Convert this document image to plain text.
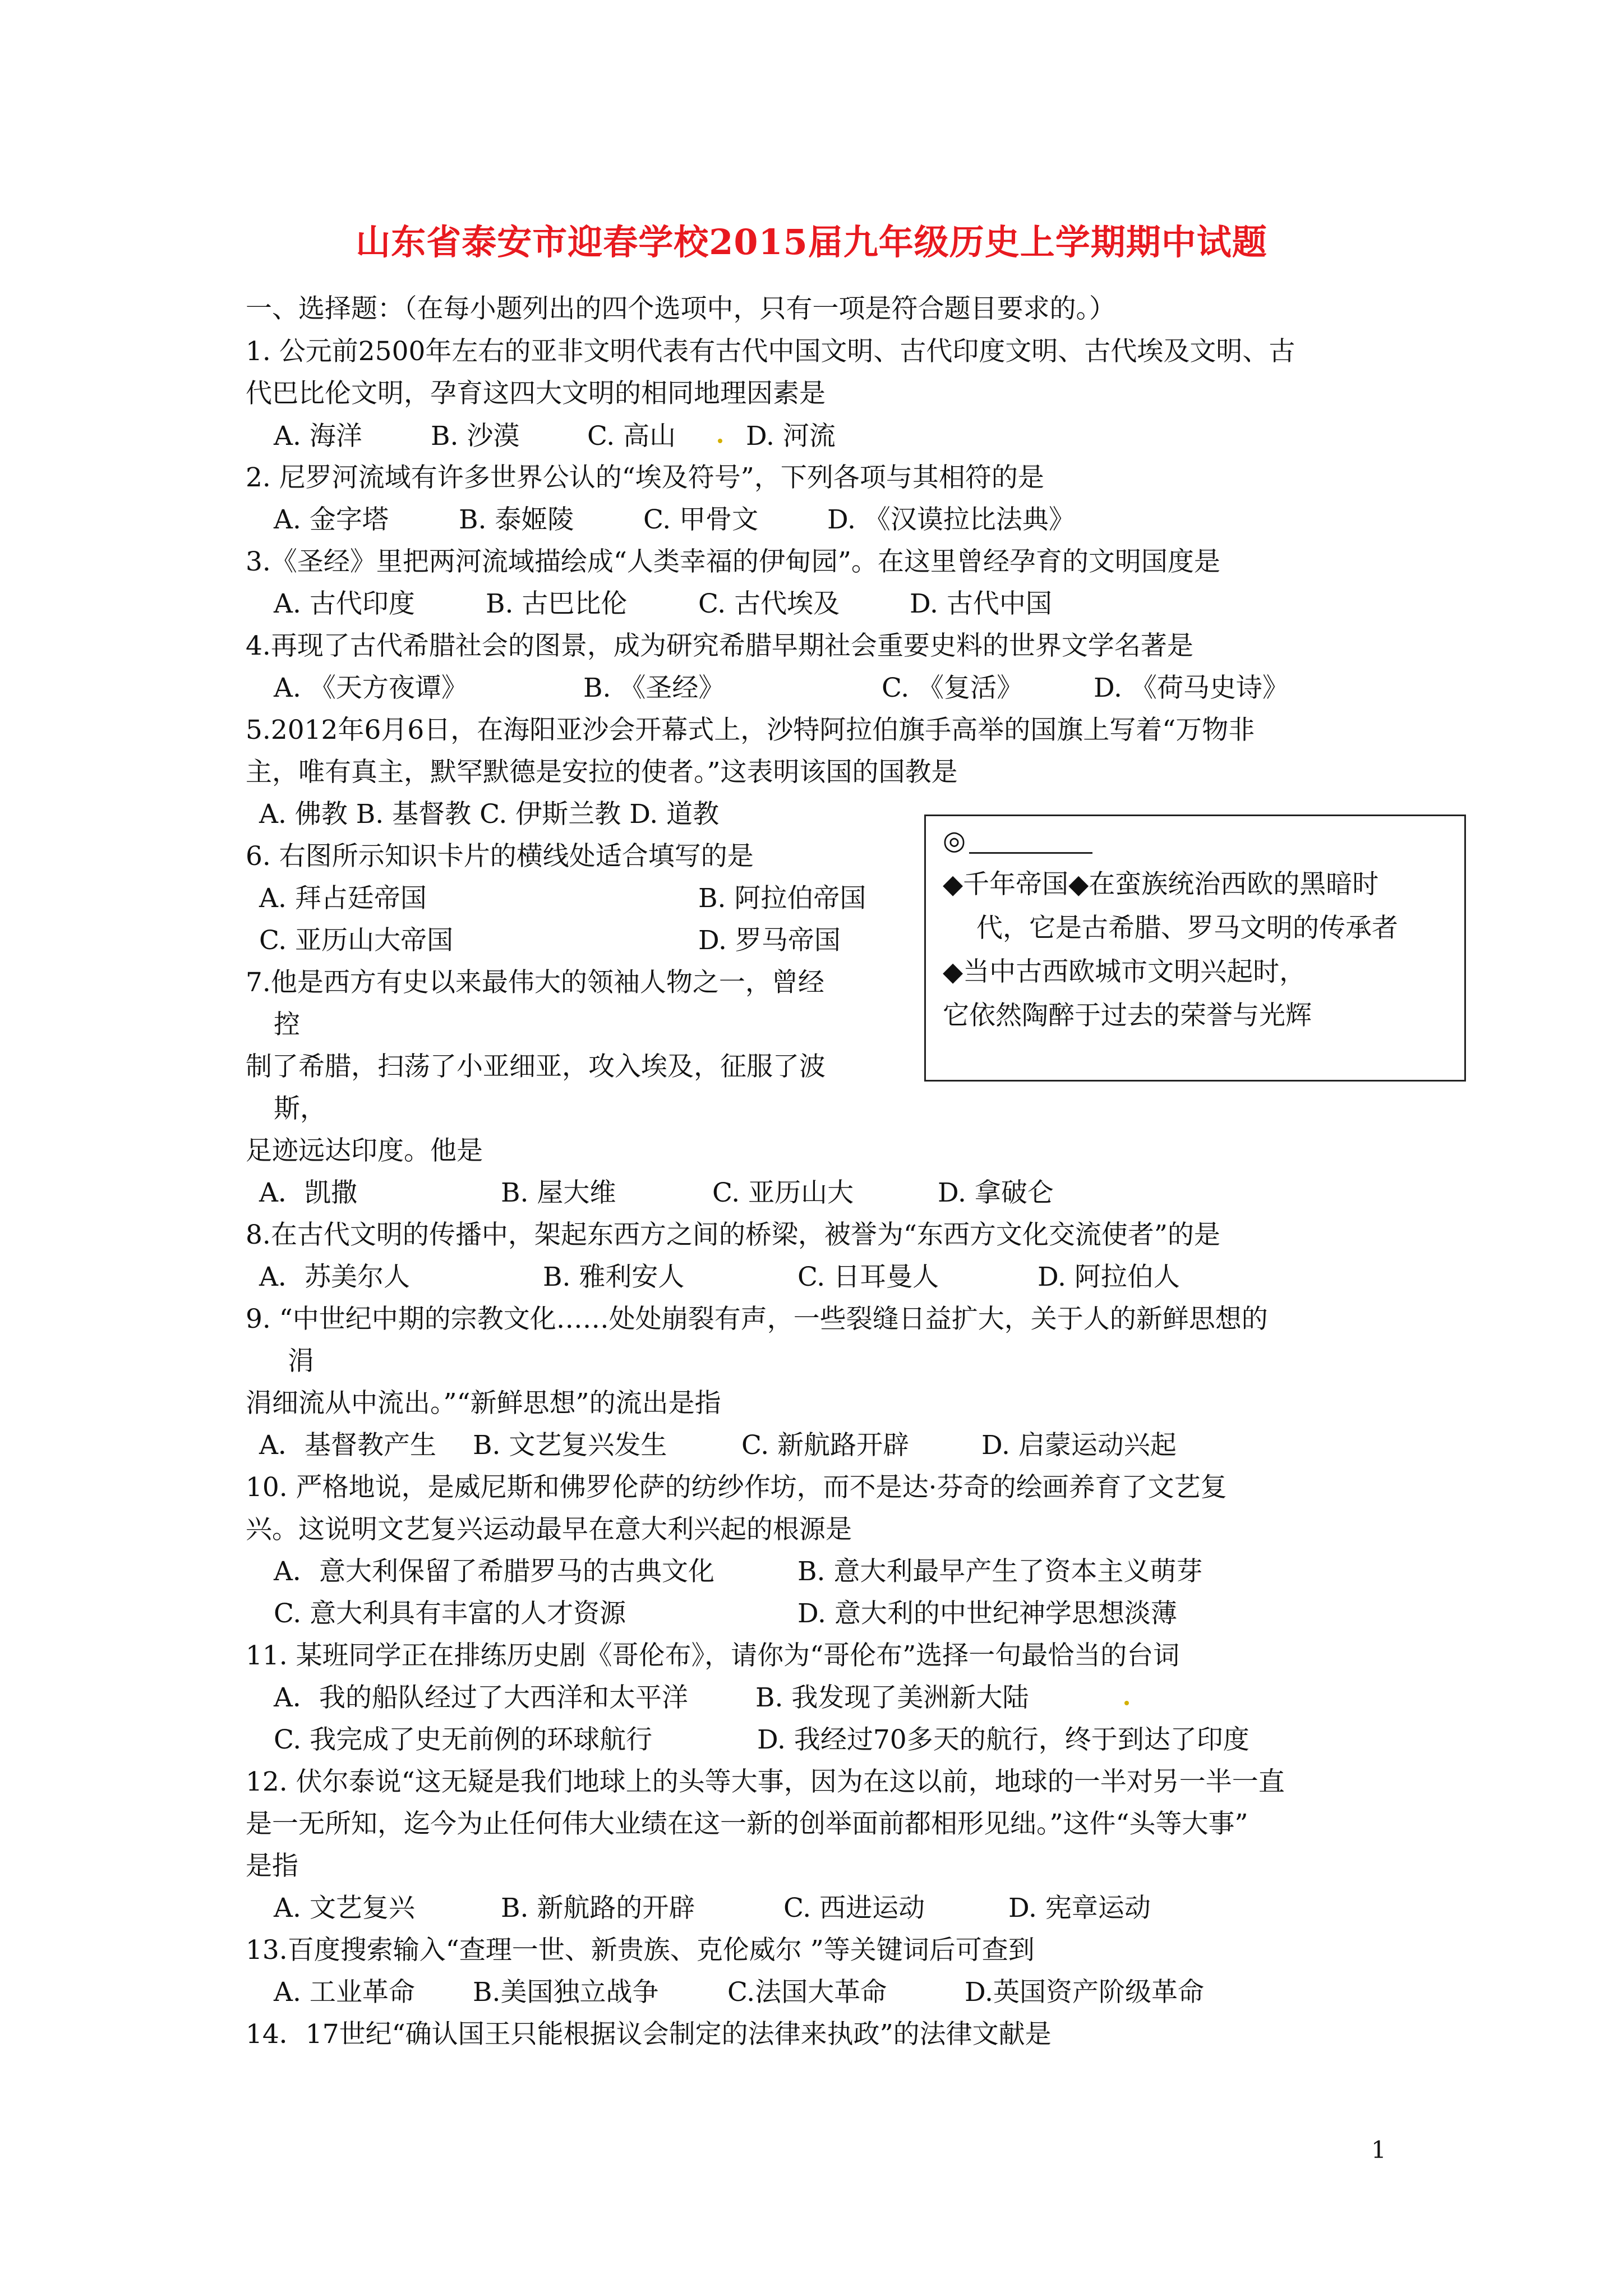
山东省泰安市迎春学校2015届九年级历史上学期期中试题
一、选择题：（在每小题列出的四个选项中，只有一项是符合题目要求的。）
1. 公元前2500年左右的亚非文明代表有古代中国文明、古代印度文明、古代埃及文明、古
代巴比伦文明，孕育这四大文明的相同地理因素是
A. 海洋	B. 沙漠	C. 高山	D. 河流
2. 尼罗河流域有许多世界公认的“埃及符号”，下列各项与其相符的是
A. 金字塔	B. 泰姬陵	C. 甲骨文	D. 《汉谟拉比法典》
3.《圣经》里把两河流域描绘成“人类幸福的伊甸园”。在这里曾经孕育的文明国度是
A. 古代印度	B. 古巴比伦	C. 古代埃及	D. 古代中国
4.再现了古代希腊社会的图景，成为研究希腊早期社会重要史料的世界文学名著是
A. 《天方夜谭》	B. 《圣经》	C. 《复活》	D. 《荷马史诗》
5.2012年6月6日，在海阳亚沙会开幕式上，沙特阿拉伯旗手高举的国旗上写着“万物非
主，唯有真主，默罕默德是安拉的使者。”这表明该国的国教是
A. 佛教 B. 基督教 C. 伊斯兰教 D. 道教
6. 右图所示知识卡片的横线处适合填写的是
A. 拜占廷帝国	B. 阿拉伯帝国
C. 亚历山大帝国	D. 罗马帝国
◎
◆千年帝国◆在蛮族统治西欧的黑暗时
代，它是古希腊、罗马文明的传承者
◆当中古西欧城市文明兴起时，
它依然陶醉于过去的荣誉与光辉
7.他是西方有史以来最伟大的领袖人物之一，曾经
控
制了希腊，扫荡了小亚细亚，攻入埃及，征服了波
斯，
足迹远达印度。他是
A．凯撒	B. 屋大维	C. 亚历山大	D. 拿破仑
8.在古代文明的传播中，架起东西方之间的桥梁，被誉为“东西方文化交流使者”的是
A．苏美尔人	B. 雅利安人	C. 日耳曼人	D. 阿拉伯人
9. “中世纪中期的宗教文化……处处崩裂有声，一些裂缝日益扩大，关于人的新鲜思想的
涓
涓细流从中流出。”“新鲜思想”的流出是指
A．基督教产生 B. 文艺复兴发生	C. 新航路开辟	D. 启蒙运动兴起
10. 严格地说，是威尼斯和佛罗伦萨的纺纱作坊，而不是达·芬奇的绘画养育了文艺复
兴。这说明文艺复兴运动最早在意大利兴起的根源是
A．意大利保留了希腊罗马的古典文化	B. 意大利最早产生了资本主义萌芽
C. 意大利具有丰富的人才资源	D. 意大利的中世纪神学思想淡薄
11. 某班同学正在排练历史剧《哥伦布》，请你为“哥伦布”选择一句最恰当的台词
A．我的船队经过了大西洋和太平洋	B. 我发现了美洲新大陆
C. 我完成了史无前例的环球航行	D. 我经过70多天的航行，终于到达了印度
12. 伏尔泰说“这无疑是我们地球上的头等大事，因为在这以前，地球的一半对另一半一直
是一无所知，迄今为止任何伟大业绩在这一新的创举面前都相形见绌。”这件“头等大事”
是指
A. 文艺复兴	B. 新航路的开辟	C. 西进运动	D. 宪章运动
13.百度搜索输入“查理一世、新贵族、克伦威尔 ”等关键词后可查到
A. 工业革命 B.美国独立战争	C.法国大革命	D.英国资产阶级革命
14．17世纪“确认国王只能根据议会制定的法律来执政”的法律文献是
1
